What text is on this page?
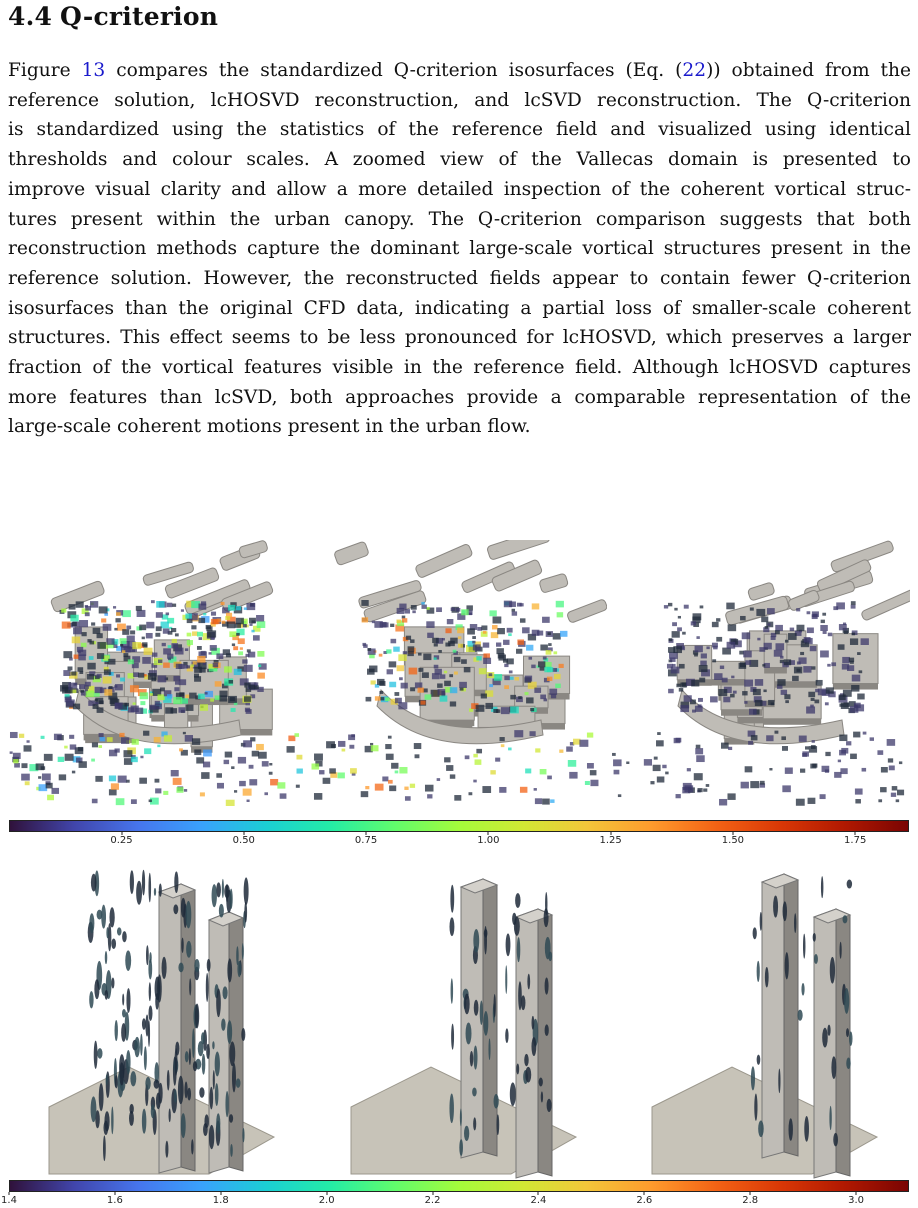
4.4 Q-criterion
Figure 13 compares the standardized Q-criterion isosurfaces (Eq. (22)) obtained from the
reference solution, lcHOSVD reconstruction, and lcSVD reconstruction. The Q-criterion
is standardized using the statistics of the reference field and visualized using identical
thresholds and colour scales. A zoomed view of the Vallecas domain is presented to
improve visual clarity and allow a more detailed inspection of the coherent vortical struc-
tures present within the urban canopy. The Q-criterion comparison suggests that both
reconstruction methods capture the dominant large-scale vortical structures present in the
reference solution. However, the reconstructed fields appear to contain fewer Q-criterion
isosurfaces than the original CFD data, indicating a partial loss of smaller-scale coherent
structures. This effect seems to be less pronounced for lcHOSVD, which preserves a larger
fraction of the vortical features visible in the reference field. Although lcHOSVD captures
more features than lcSVD, both approaches provide a comparable representation of the
large-scale coherent motions present in the urban flow.
0.25	0.50	0.75	1.00	1.25	1.50	1.75
1.4	1.6	1.8	2.0	2.2	2.4	2.6	2.8	3.0
